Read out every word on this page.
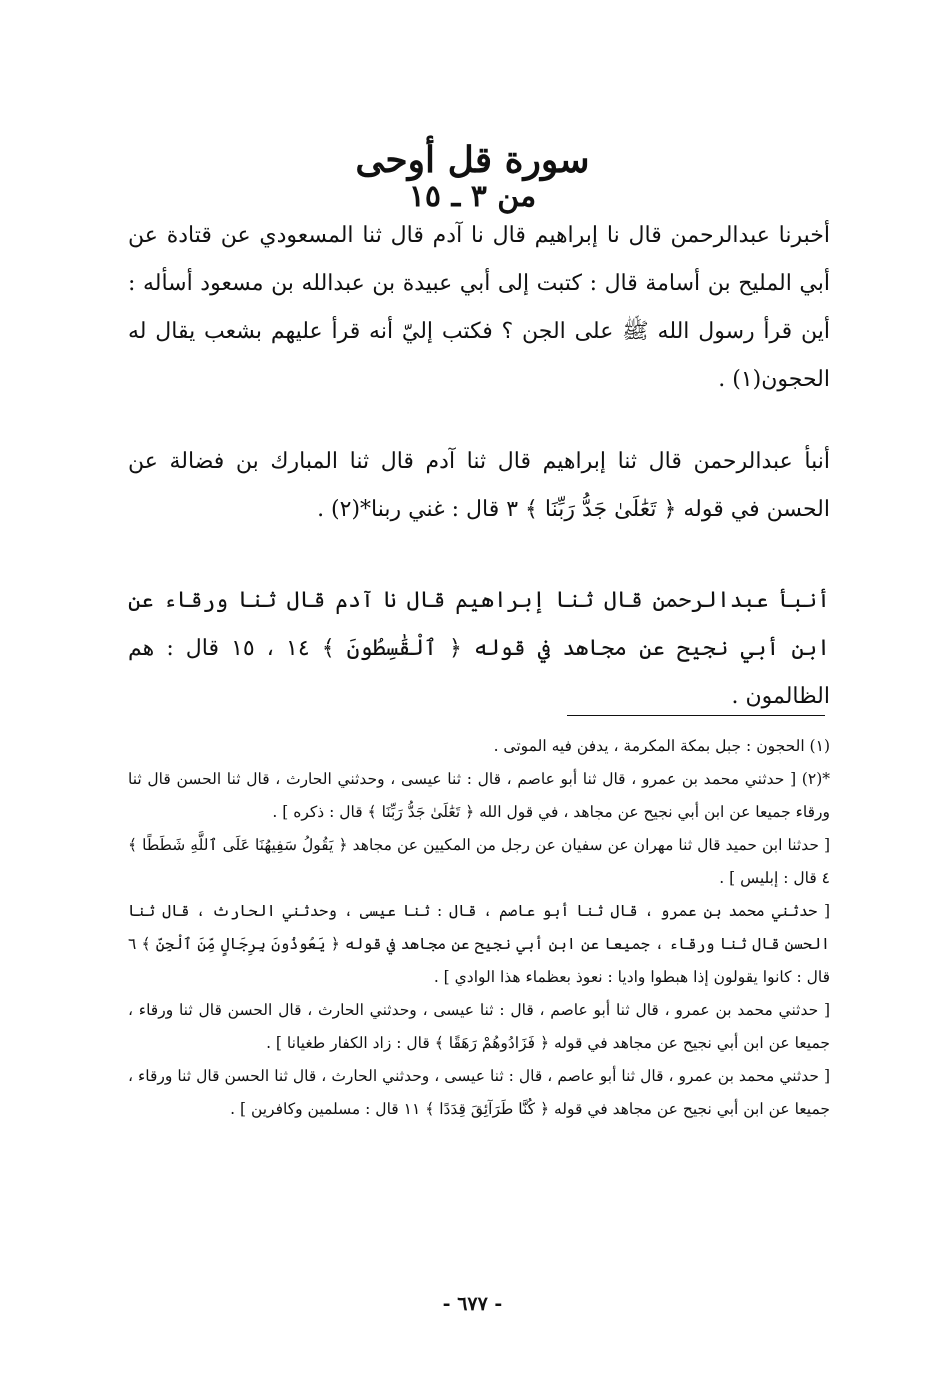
سورة قل أوحى
من ٣ ـ ١٥

أخبرنا عبدالرحمن قال نا إبراهيم قال نا آدم قال ثنا المسعودي عن قتادة عن أبي المليح بن أسامة قال : كتبت إلى أبي عبيدة بن عبدالله بن مسعود أسأله : أين قرأ رسول الله ﷺ على الجن ؟ فكتب إليّ أنه قرأ عليهم بشعب يقال له الحجون(١) .

أنبأ عبدالرحمن قال ثنا إبراهيم قال ثنا آدم قال ثنا المبارك بن فضالة عن الحسن في قوله ﴿ تَعَٰلَىٰ جَدُّ رَبِّنَا ﴾ ٣ قال : غني ربنا*(٢) .

أنبأ عبدالرحمن قال ثنا إبراهيم قال نا آدم قال ثنا ورقاء عن ابن أبي نجيح عن مجاهد في قوله ﴿ ٱلْقَٰسِطُونَ ﴾ ١٤ ، ١٥ قال : هم الظالمون .

(١) الحجون : جبل بمكة المكرمة ، يدفن فيه الموتى .
*(٢) [ حدثني محمد بن عمرو ، قال ثنا أبو عاصم ، قال : ثنا عيسى ، وحدثني الحارث ، قال ثنا الحسن قال ثنا ورقاء جميعا عن ابن أبي نجيح عن مجاهد ، في قول الله ﴿ تَعَٰلَىٰ جَدُّ رَبِّنَا ﴾ قال : ذكره ] .
[ حدثنا ابن حميد قال ثنا مهران عن سفيان عن رجل من المكيين عن مجاهد ﴿ يَقُولُ سَفِيهُنَا عَلَى ٱللَّهِ شَطَطًا ﴾ ٤ قال : إبليس ] .
[ حدثني محمد بن عمرو ، قال ثنا أبو عاصم ، قال : ثنا عيسى ، وحدثني الحارث ، قال ثنا الحسن قال ثنا ورقاء ، جميعا عن ابن أبي نجيح عن مجاهد في قوله ﴿ يَعُوذُونَ بِرِجَالٍ مِّنَ ٱلْجِنِّ ﴾ ٦ قال : كانوا يقولون إذا هبطوا واديا : نعوذ بعظماء هذا الوادي ] .
[ حدثني محمد بن عمرو ، قال ثنا أبو عاصم ، قال : ثنا عيسى ، وحدثني الحارث ، قال الحسن قال ثنا ورقاء ، جميعا عن ابن أبي نجيح عن مجاهد في قوله ﴿ فَزَادُوهُمْ رَهَقًا ﴾ قال : زاد الكفار طغيانا ] .
[ حدثني محمد بن عمرو ، قال ثنا أبو عاصم ، قال : ثنا عيسى ، وحدثني الحارث ، قال ثنا الحسن قال ثنا ورقاء ، جميعا عن ابن أبي نجيح عن مجاهد في قوله ﴿ كُنَّا طَرَآئِقَ قِدَدًا ﴾ ١١ قال : مسلمين وكافرين ] .
- ٦٧٧ -
